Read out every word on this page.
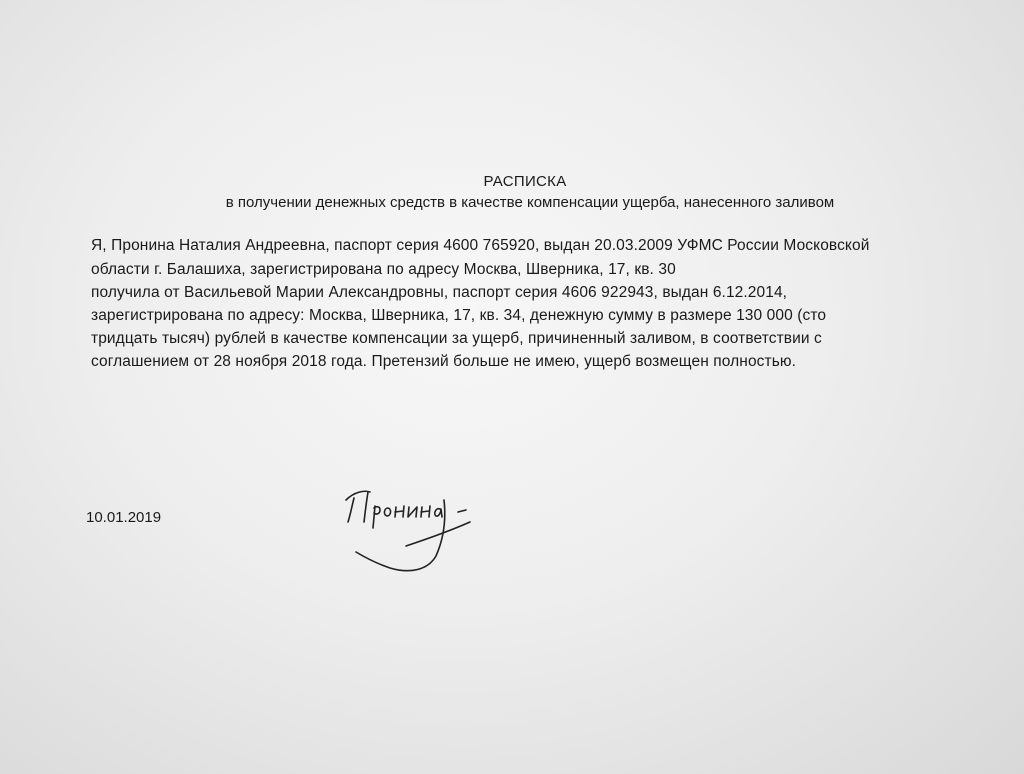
РАСПИСКА
в получении денежных средств в качестве компенсации ущерба, нанесенного заливом
Я, Пронина Наталия Андреевна, паспорт серия 4600 765920, выдан 20.03.2009 УФМС России Московской
области г. Балашиха, зарегистрирована по адресу Москва, Шверника, 17, кв. 30
получила от Васильевой Марии Александровны, паспорт серия 4606 922943, выдан 6.12.2014,
зарегистрирована по адресу: Москва, Шверника, 17, кв. 34, денежную сумму в размере 130 000 (сто
тридцать тысяч) рублей в качестве компенсации за ущерб, причиненный заливом, в соответствии с
соглашением от 28 ноября 2018 года. Претензий больше не имею, ущерб возмещен полностью.
10.01.2019
